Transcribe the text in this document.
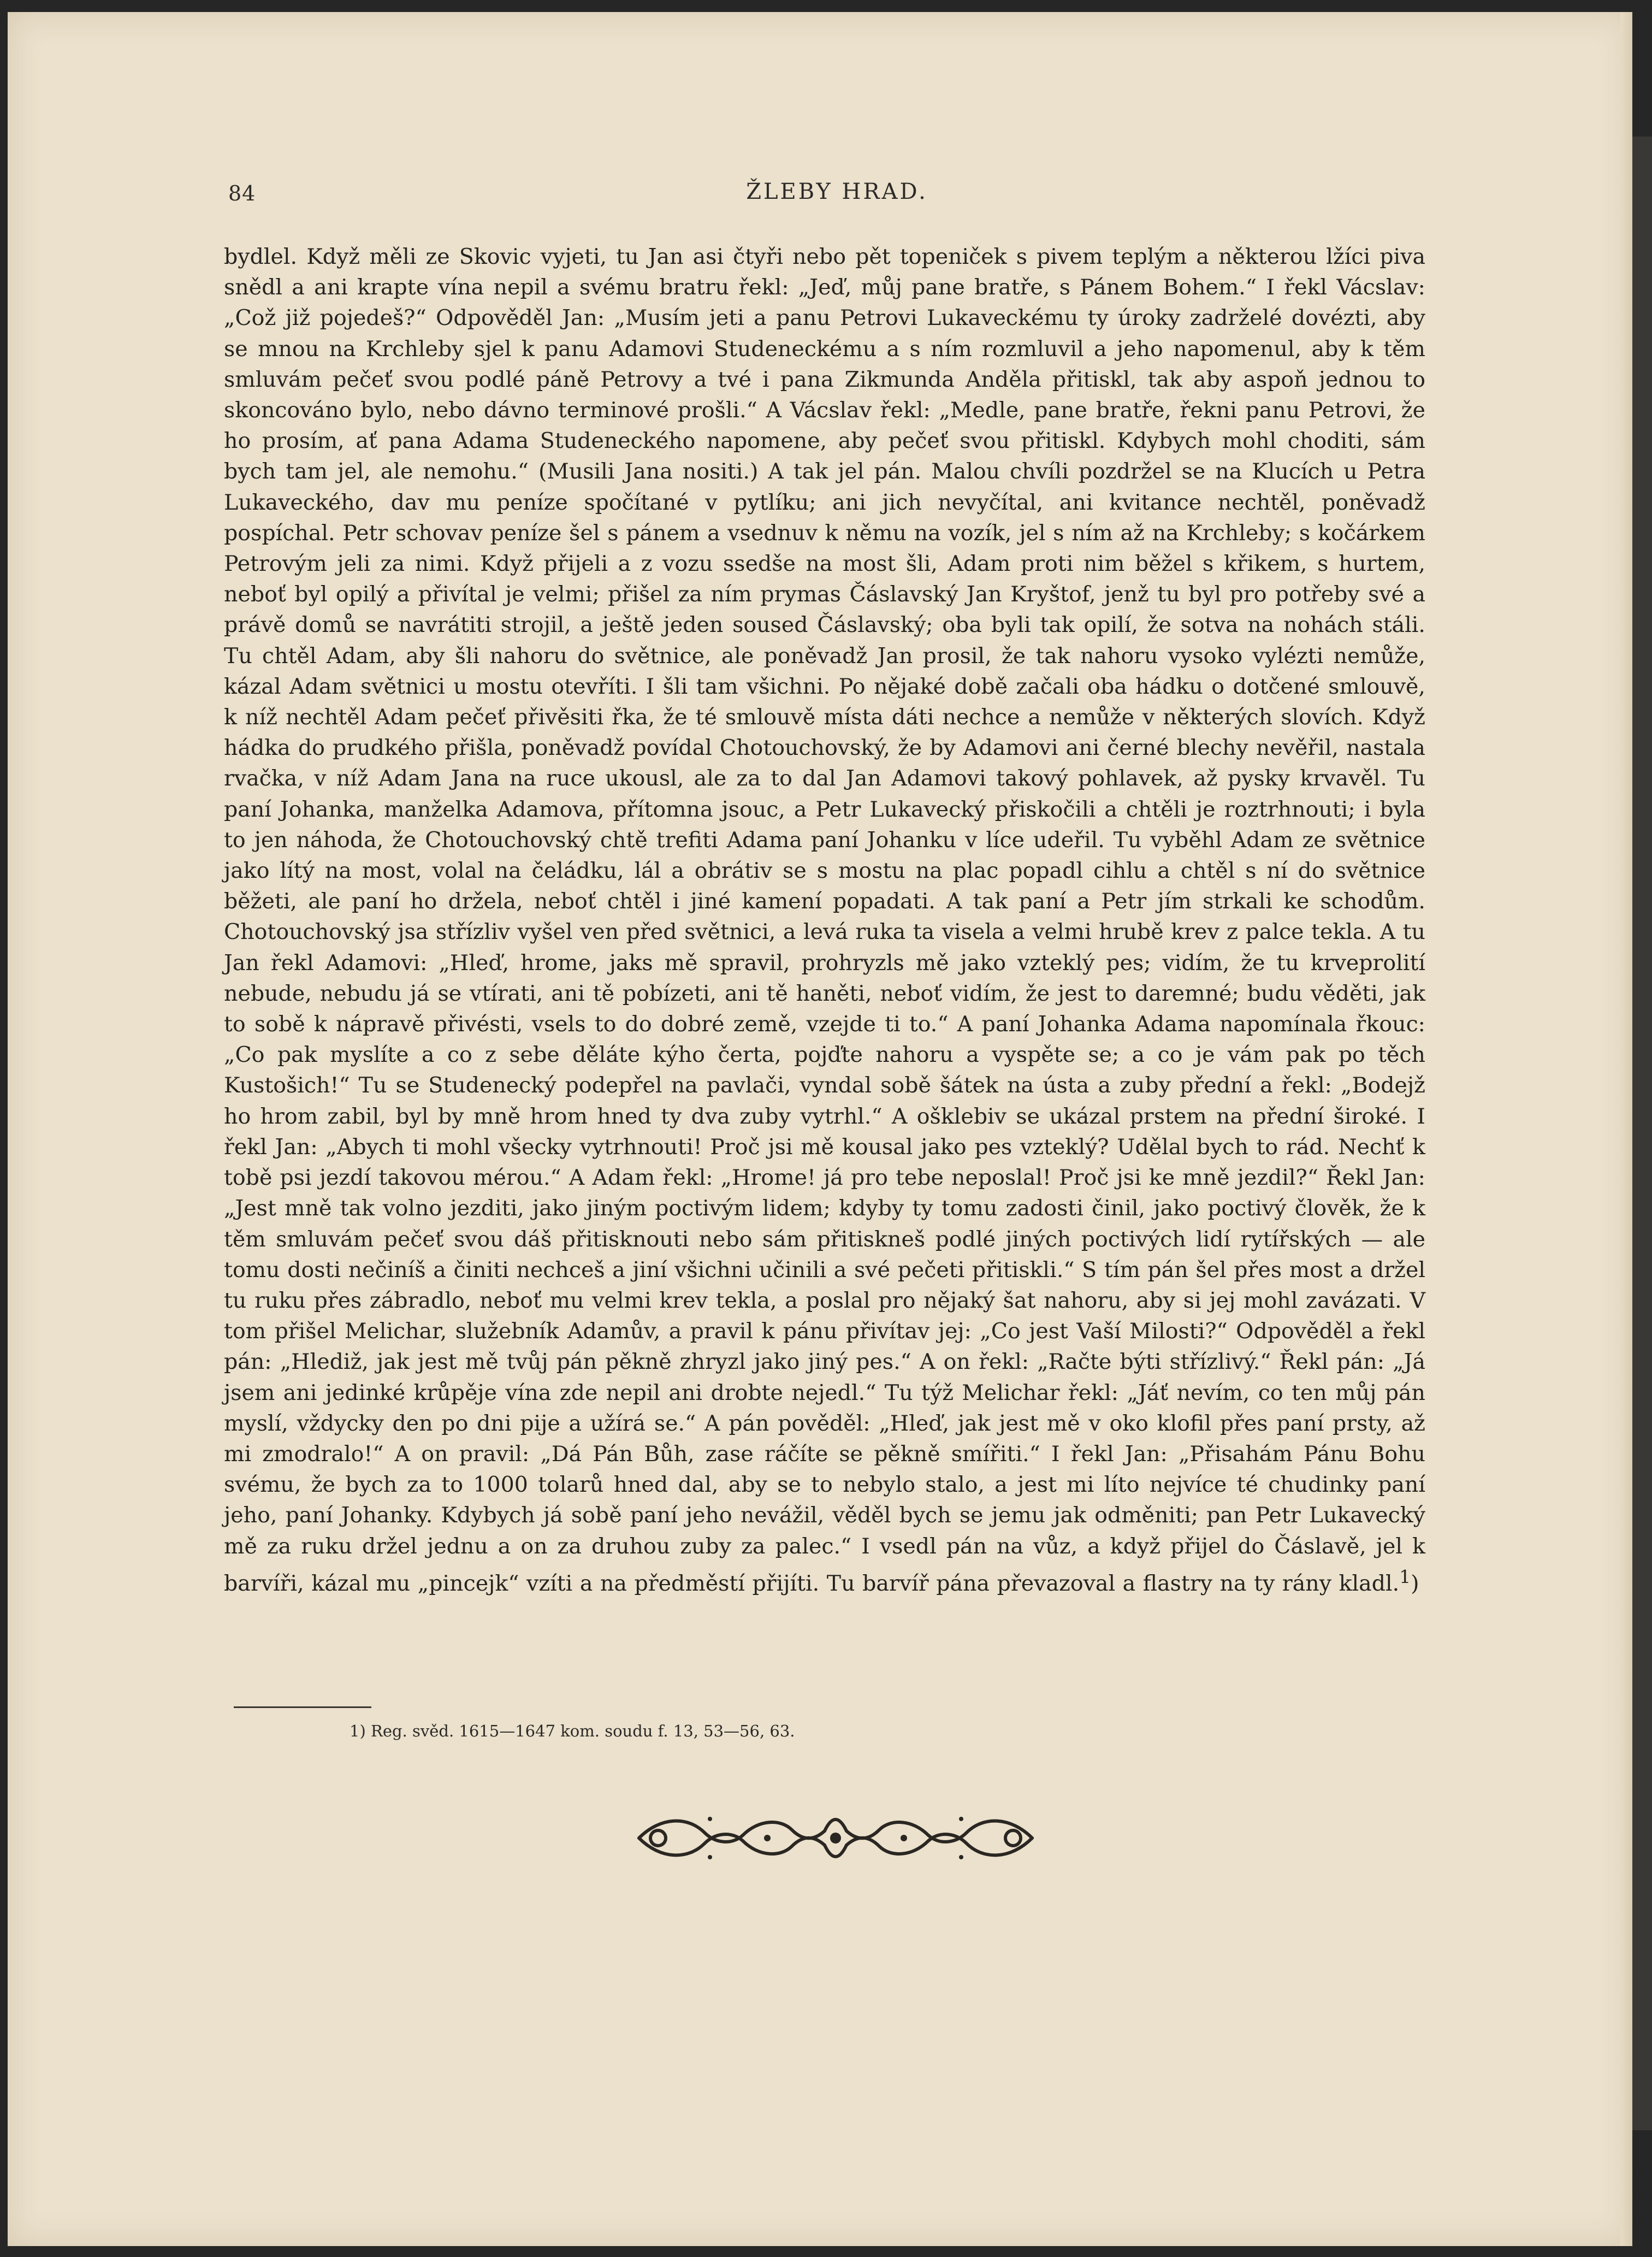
84	ŽLEBY HRAD.

bydlel. Když měli ze Skovic vyjeti, tu Jan asi čtyři nebo pět topeniček s pivem teplým a některou lžíci piva snědl a ani krapte vína nepil a svému bratru řekl: „Jeď, můj pane bratře, s Pánem Bohem.“ I řekl Vácslav: „Což již pojedeš?“ Odpověděl Jan: „Musím jeti a panu Petrovi Lukaveckému ty úroky zadrželé dovézti, aby se mnou na Krchleby sjel k panu Adamovi Studeneckému a s ním rozmluvil a jeho napomenul, aby k těm smluvám pečeť svou podlé páně Petrovy a tvé i pana Zikmunda Anděla přitiskl, tak aby aspoň jednou to skoncováno bylo, nebo dávno terminové prošli.“ A Vácslav řekl: „Medle, pane bratře, řekni panu Petrovi, že ho prosím, ať pana Adama Studeneckého napomene, aby pečeť svou přitiskl. Kdybych mohl choditi, sám bych tam jel, ale nemohu.“ (Musili Jana nositi.) A tak jel pán. Malou chvíli pozdržel se na Klucích u Petra Lukaveckého, dav mu peníze spočítané v pytlíku; ani jich nevyčítal, ani kvitance nechtěl, poněvadž pospíchal. Petr schovav peníze šel s pánem a vsednuv k němu na vozík, jel s ním až na Krchleby; s kočárkem Petrovým jeli za nimi. Když přijeli a z vozu ssedše na most šli, Adam proti nim běžel s křikem, s hurtem, neboť byl opilý a přivítal je velmi; přišel za ním prymas Čáslavský Jan Kryštof, jenž tu byl pro potřeby své a právě domů se navrátiti strojil, a ještě jeden soused Čáslavský; oba byli tak opilí, že sotva na nohách stáli. Tu chtěl Adam, aby šli nahoru do světnice, ale poněvadž Jan prosil, že tak nahoru vysoko vylézti nemůže, kázal Adam světnici u mostu otevříti. I šli tam všichni. Po nějaké době začali oba hádku o dotčené smlouvě, k níž nechtěl Adam pečeť přivěsiti řka, že té smlouvě místa dáti nechce a nemůže v některých slovích. Když hádka do prudkého přišla, poněvadž povídal Chotouchovský, že by Adamovi ani černé blechy nevěřil, nastala rvačka, v níž Adam Jana na ruce ukousl, ale za to dal Jan Adamovi takový pohlavek, až pysky krvavěl. Tu paní Johanka, manželka Adamova, přítomna jsouc, a Petr Lukavecký přiskočili a chtěli je roztrhnouti; i byla to jen náhoda, že Chotouchovský chtě trefiti Adama paní Johanku v líce udeřil. Tu vyběhl Adam ze světnice jako lítý na most, volal na čeládku, lál a obrátiv se s mostu na plac popadl cihlu a chtěl s ní do světnice běžeti, ale paní ho držela, neboť chtěl i jiné kamení popadati. A tak paní a Petr jím strkali ke schodům. Chotouchovský jsa střízliv vyšel ven před světnici, a levá ruka ta visela a velmi hrubě krev z palce tekla. A tu Jan řekl Adamovi: „Hleď, hrome, jaks mě spravil, prohryzls mě jako vzteklý pes; vidím, že tu krveprolití nebude, nebudu já se vtírati, ani tě pobízeti, ani tě haněti, neboť vidím, že jest to daremné; budu věděti, jak to sobě k nápravě přivésti, vsels to do dobré země, vzejde ti to.“ A paní Johanka Adama napomínala řkouc: „Co pak myslíte a co z sebe děláte kýho čerta, pojďte nahoru a vyspěte se; a co je vám pak po těch Kustošich!“ Tu se Studenecký podepřel na pavlači, vyndal sobě šátek na ústa a zuby přední a řekl: „Bodejž ho hrom zabil, byl by mně hrom hned ty dva zuby vytrhl.“ A ošklebiv se ukázal prstem na přední široké. I řekl Jan: „Abych ti mohl všecky vytrhnouti! Proč jsi mě kousal jako pes vzteklý? Udělal bych to rád. Nechť k tobě psi jezdí takovou mérou.“ A Adam řekl: „Hrome! já pro tebe neposlal! Proč jsi ke mně jezdil?“ Řekl Jan: „Jest mně tak volno jezditi, jako jiným poctivým lidem; kdyby ty tomu zadosti činil, jako poctivý člověk, že k těm smluvám pečeť svou dáš přitisknouti nebo sám přitiskneš podlé jiných poctivých lidí rytířských — ale tomu dosti nečiníš a činiti nechceš a jiní všichni učinili a své pečeti přitiskli.“ S tím pán šel přes most a držel tu ruku přes zábradlo, neboť mu velmi krev tekla, a poslal pro nějaký šat nahoru, aby si jej mohl zavázati. V tom přišel Melichar, služebník Adamův, a pravil k pánu přivítav jej: „Co jest Vaší Milosti?“ Odpověděl a řekl pán: „Hlediž, jak jest mě tvůj pán pěkně zhryzl jako jiný pes.“ A on řekl: „Račte býti střízlivý.“ Řekl pán: „Já jsem ani jedinké krůpěje vína zde nepil ani drobte nejedl.“ Tu týž Melichar řekl: „Jáť nevím, co ten můj pán myslí, vždycky den po dni pije a užírá se.“ A pán pověděl: „Hleď, jak jest mě v oko klofil přes paní prsty, až mi zmodralo!“ A on pravil: „Dá Pán Bůh, zase ráčíte se pěkně smířiti.“ I řekl Jan: „Přisahám Pánu Bohu svému, že bych za to 1000 tolarů hned dal, aby se to nebylo stalo, a jest mi líto nejvíce té chudinky paní jeho, paní Johanky. Kdybych já sobě paní jeho nevážil, věděl bych se jemu jak odměniti; pan Petr Lukavecký mě za ruku držel jednu a on za druhou zuby za palec.“ I vsedl pán na vůz, a když přijel do Čáslavě, jel k barvíři, kázal mu „pincejk“ vzíti a na předměstí přijíti. Tu barvíř pána převazoval a flastry na ty rány kladl.$^1$)

1) Reg. svěd. 1615—1647 kom. soudu f. 13, 53—56, 63.
